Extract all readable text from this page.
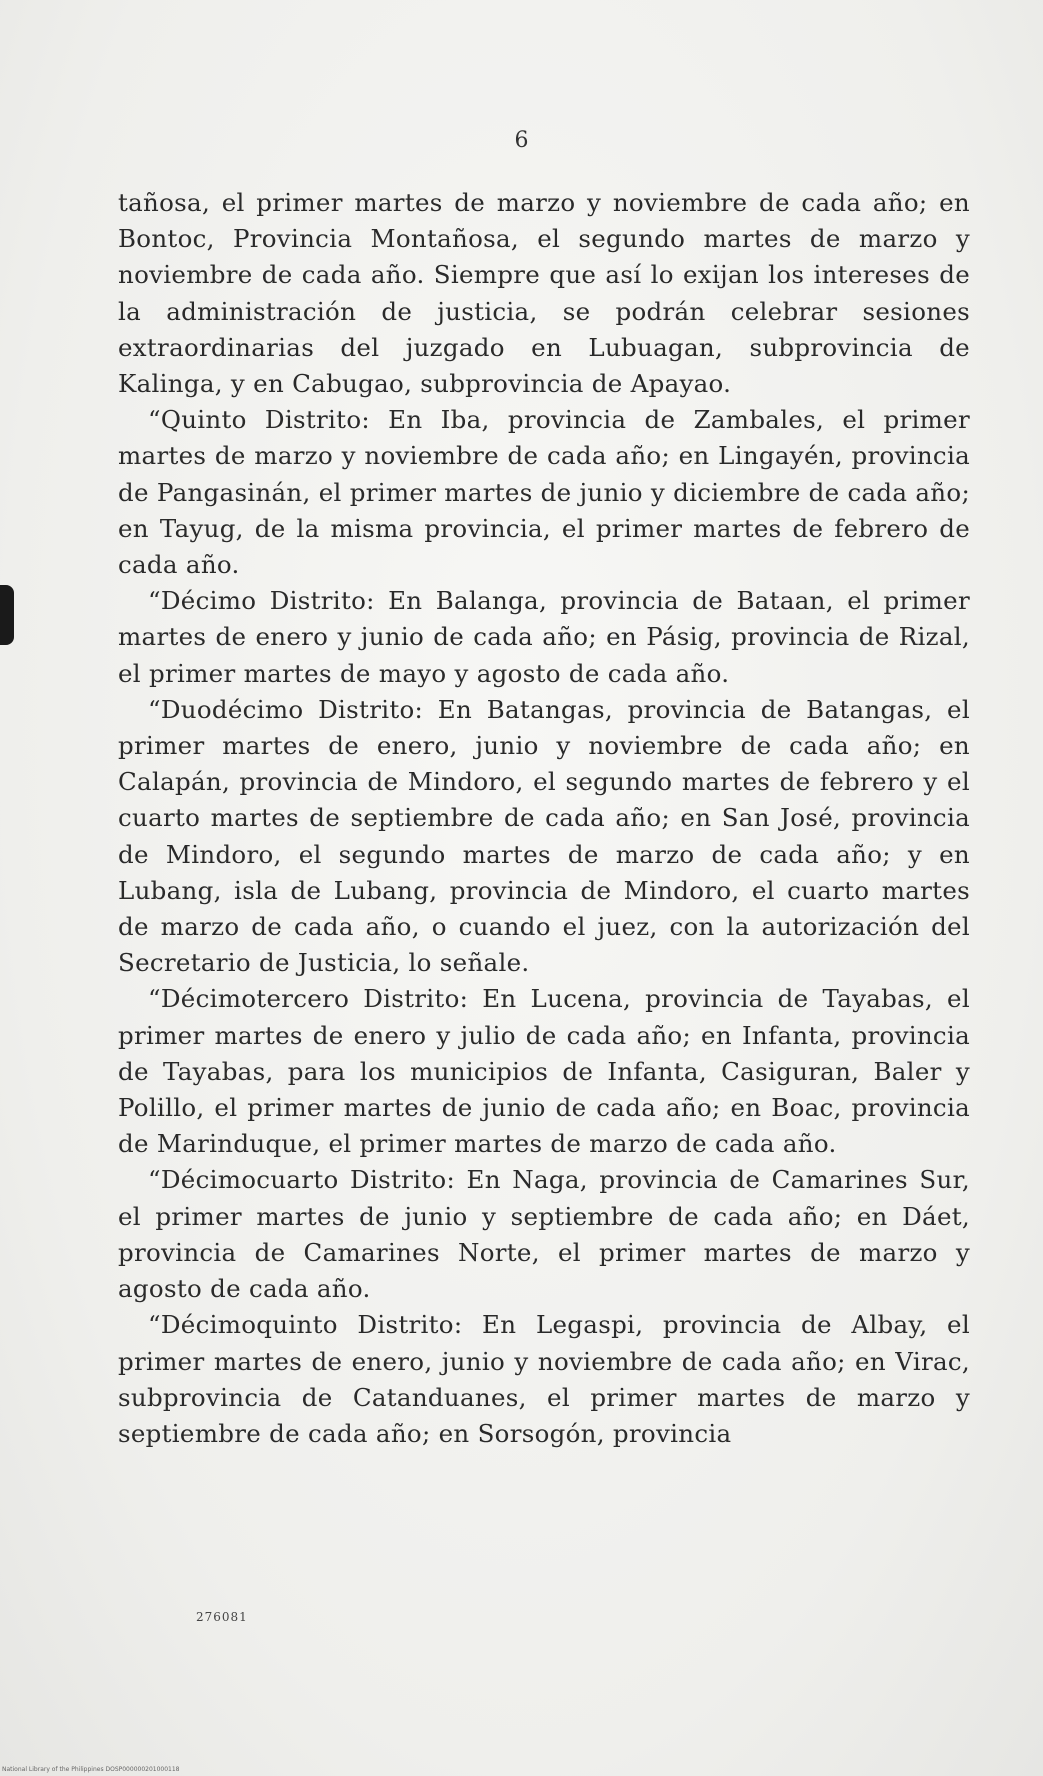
6

tañosa, el primer martes de marzo y noviembre de cada año; en Bontoc, Provincia Montañosa, el segundo martes de marzo y noviembre de cada año. Siempre que así lo exijan los intereses de la administración de justicia, se podrán celebrar sesiones extraordinarias del juzgado en Lubuagan, subprovincia de Kalinga, y en Cabugao, subprovincia de Apayao.

“Quinto Distrito: En Iba, provincia de Zambales, el primer martes de marzo y noviembre de cada año; en Lingayén, provincia de Pangasinán, el primer martes de junio y diciembre de cada año; en Tayug, de la misma provincia, el primer martes de febrero de cada año.

“Décimo Distrito: En Balanga, provincia de Bataan, el primer martes de enero y junio de cada año; en Pásig, provincia de Rizal, el primer martes de mayo y agosto de cada año.

“Duodécimo Distrito: En Batangas, provincia de Batangas, el primer martes de enero, junio y noviembre de cada año; en Calapán, provincia de Mindoro, el segundo martes de febrero y el cuarto martes de septiembre de cada año; en San José, provincia de Mindoro, el segundo martes de marzo de cada año; y en Lubang, isla de Lubang, provincia de Mindoro, el cuarto martes de marzo de cada año, o cuando el juez, con la autorización del Secretario de Justicia, lo señale.

“Décimotercero Distrito: En Lucena, provincia de Tayabas, el primer martes de enero y julio de cada año; en Infanta, provincia de Tayabas, para los municipios de Infanta, Casiguran, Baler y Polillo, el primer martes de junio de cada año; en Boac, provincia de Marinduque, el primer martes de marzo de cada año.

“Décimocuarto Distrito: En Naga, provincia de Camarines Sur, el primer martes de junio y septiembre de cada año; en Dáet, provincia de Camarines Norte, el primer martes de marzo y agosto de cada año.

“Décimoquinto Distrito: En Legaspi, provincia de Albay, el primer martes de enero, junio y noviembre de cada año; en Virac, subprovincia de Catanduanes, el primer martes de marzo y septiembre de cada año; en Sorsogón, provincia

276081
National Library of the Philippines DOSP000000201000118
